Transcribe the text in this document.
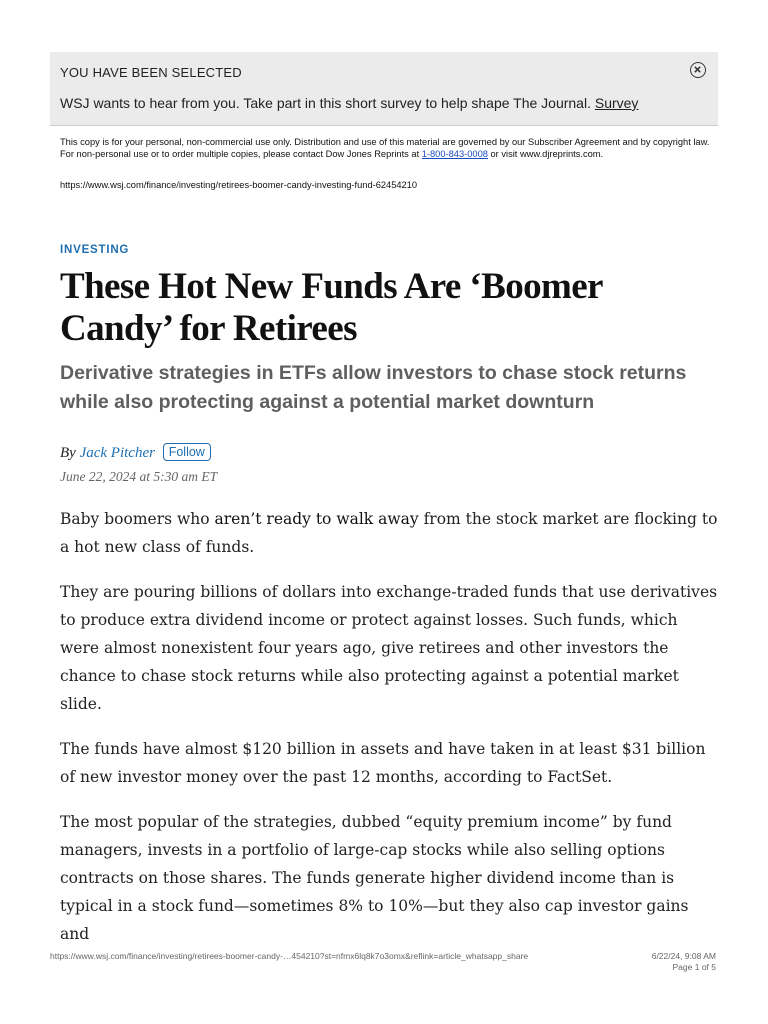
YOU HAVE BEEN SELECTED
WSJ wants to hear from you. Take part in this short survey to help shape The Journal. Survey
This copy is for your personal, non-commercial use only. Distribution and use of this material are governed by our Subscriber Agreement and by copyright law. For non-personal use or to order multiple copies, please contact Dow Jones Reprints at 1-800-843-0008 or visit www.djreprints.com.
https://www.wsj.com/finance/investing/retirees-boomer-candy-investing-fund-62454210
INVESTING
These Hot New Funds Are ‘Boomer Candy’ for Retirees
Derivative strategies in ETFs allow investors to chase stock returns while also protecting against a potential market downturn
By Jack Pitcher Follow
June 22, 2024 at 5:30 am ET

Baby boomers who aren’t ready to walk away from the stock market are flocking to a hot new class of funds.

They are pouring billions of dollars into exchange-traded funds that use derivatives to produce extra dividend income or protect against losses. Such funds, which were almost nonexistent four years ago, give retirees and other investors the chance to chase stock returns while also protecting against a potential market slide.

The funds have almost $120 billion in assets and have taken in at least $31 billion of new investor money over the past 12 months, according to FactSet.

The most popular of the strategies, dubbed “equity premium income” by fund managers, invests in a portfolio of large-cap stocks while also selling options contracts on those shares. The funds generate higher dividend income than is typical in a stock fund—sometimes 8% to 10%—but they also cap investor gains and

https://www.wsj.com/finance/investing/retirees-boomer-candy-…454210?st=nfmx6lq8k7o3omx&reflink=article_whatsapp_share	6/22/24, 9:08 AM
Page 1 of 5
